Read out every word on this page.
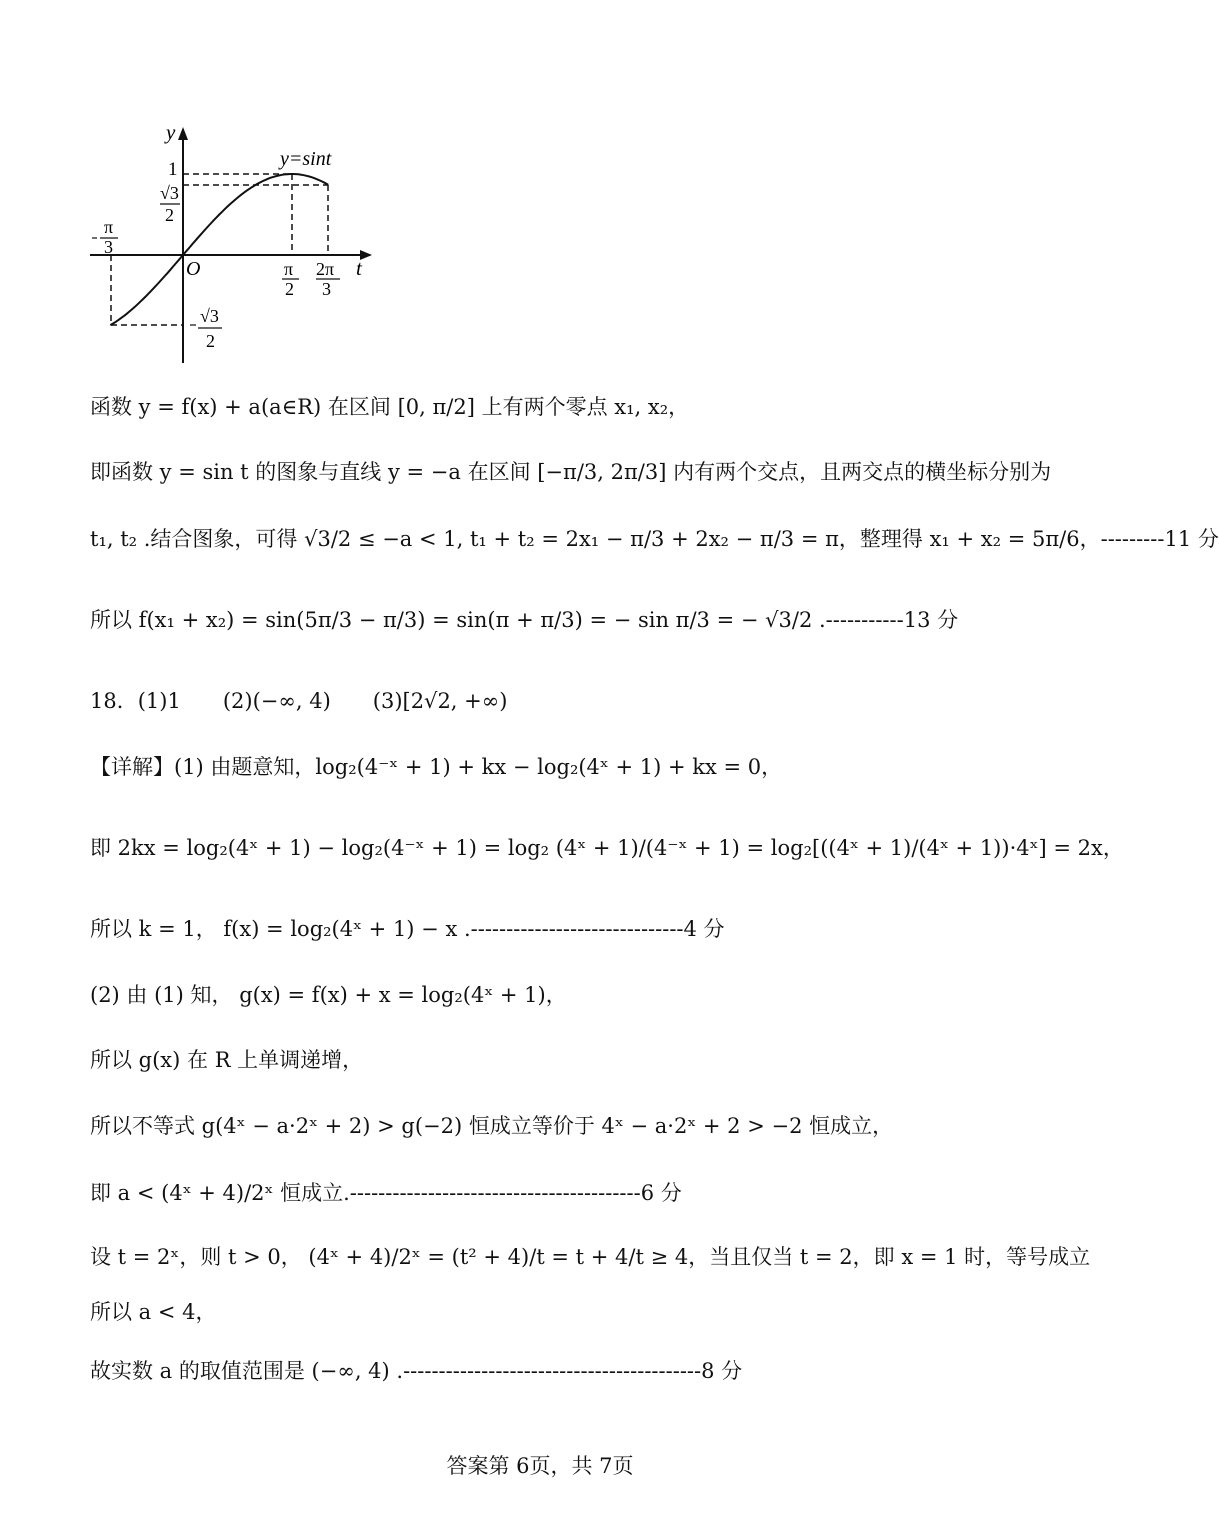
y
t
O
y=sint
1
√3
2
π
3
π
2
2π
3
√3
2
函数 y = f(x) + a(a∈R) 在区间 [0, π/2] 上有两个零点 x₁, x₂，
即函数 y = sin t 的图象与直线 y = −a 在区间 [−π/3, 2π/3] 内有两个交点，且两交点的横坐标分别为
t₁, t₂ .结合图象，可得 √3/2 ≤ −a < 1, t₁ + t₂ = 2x₁ − π/3 + 2x₂ − π/3 = π，整理得 x₁ + x₂ = 5π/6，---------11 分
所以 f(x₁ + x₂) = sin(5π/3 − π/3) = sin(π + π/3) = − sin π/3 = − √3/2 .-----------13 分
18．(1)1　　(2)(−∞, 4)　　(3)[2√2, +∞)
【详解】(1) 由题意知，log₂(4⁻ˣ + 1) + kx − log₂(4ˣ + 1) + kx = 0，
即 2kx = log₂(4ˣ + 1) − log₂(4⁻ˣ + 1) = log₂ (4ˣ + 1)/(4⁻ˣ + 1) = log₂[((4ˣ + 1)/(4ˣ + 1))·4ˣ] = 2x，
所以 k = 1， f(x) = log₂(4ˣ + 1) − x .------------------------------4 分
(2) 由 (1) 知， g(x) = f(x) + x = log₂(4ˣ + 1)，
所以 g(x) 在 R 上单调递增，
所以不等式 g(4ˣ − a·2ˣ + 2) > g(−2) 恒成立等价于 4ˣ − a·2ˣ + 2 > −2 恒成立，
即 a < (4ˣ + 4)/2ˣ 恒成立.-----------------------------------------6 分
设 t = 2ˣ，则 t > 0， (4ˣ + 4)/2ˣ = (t² + 4)/t = t + 4/t ≥ 4，当且仅当 t = 2，即 x = 1 时，等号成立
所以 a < 4，
故实数 a 的取值范围是 (−∞, 4) .------------------------------------------8 分
答案第 6页，共 7页
